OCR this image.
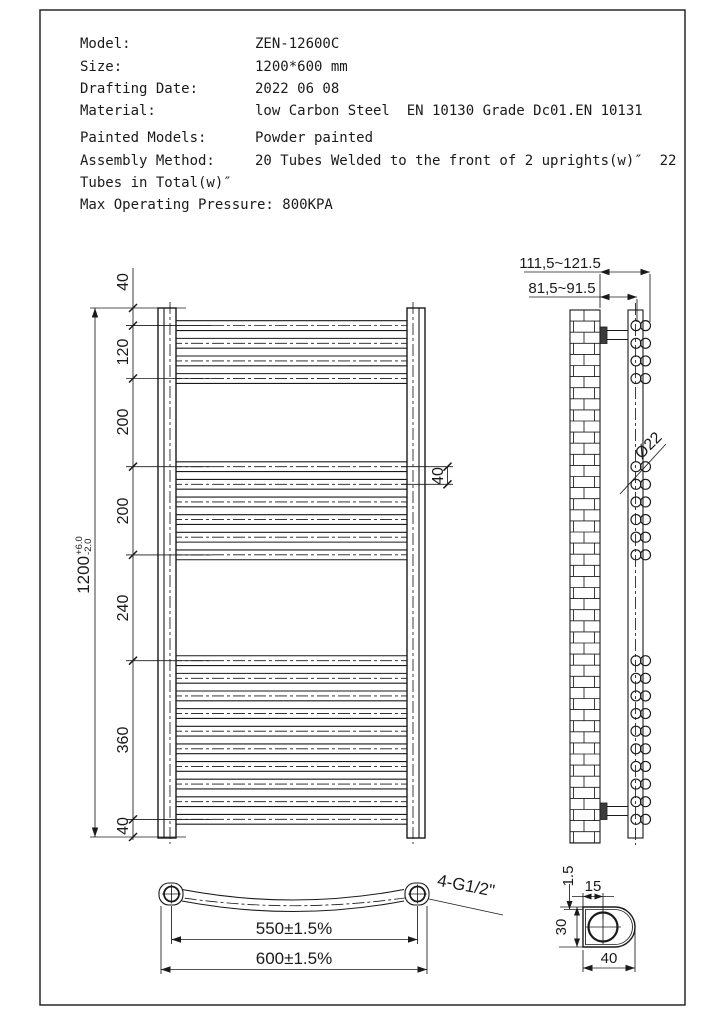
40
120
200
200
240
360
40
40
111,5~121.5
81,5~91.5
Ø22
4-G1/2"
550±1.5%
600±1.5%
1.5
15
30
40
Model:	ZEN-12600C
Size:	1200*600 mm
Drafting Date:	2022 06 08
Material:	low Carbon Steel  EN 10130 Grade Dc01.EN 10131
Painted Models:	Powder painted
Assembly Method:	20 Tubes Welded to the front of 2 uprights(w)″  22
Tubes in Total(w)″
Max Operating Pressure: 800KPA
1200
+6.0
-2.0
